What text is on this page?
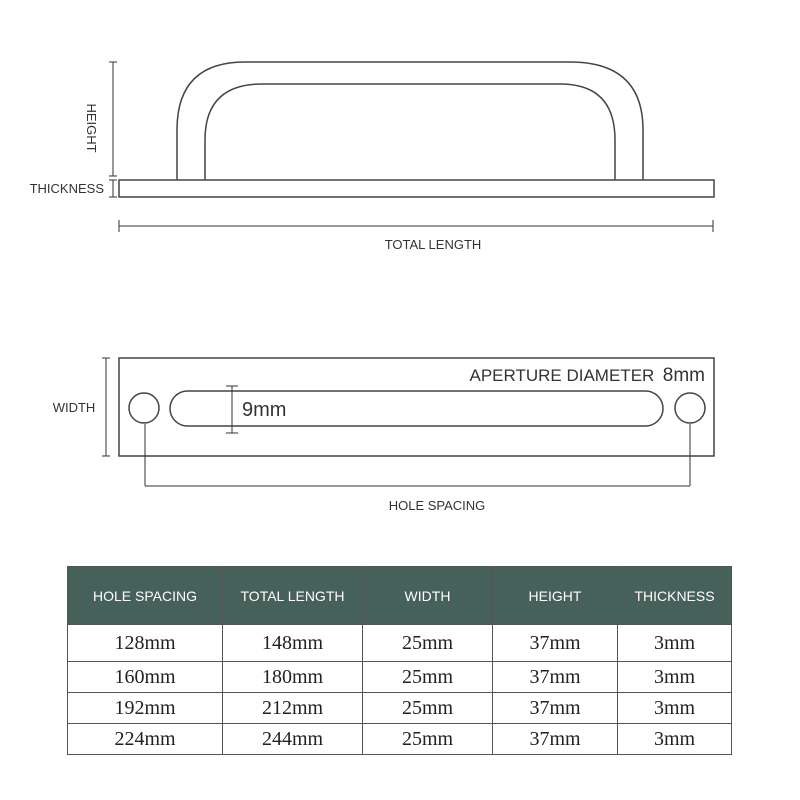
HEIGHT
THICKNESS
TOTAL LENGTH
WIDTH
APERTURE DIAMETER 8mm
9mm
HOLE SPACING
HOLE SPACING	TOTAL LENGTH	WIDTH	HEIGHT	THICKNESS
128mm	148mm	25mm	37mm	3mm
160mm	180mm	25mm	37mm	3mm
192mm	212mm	25mm	37mm	3mm
224mm	244mm	25mm	37mm	3mm
